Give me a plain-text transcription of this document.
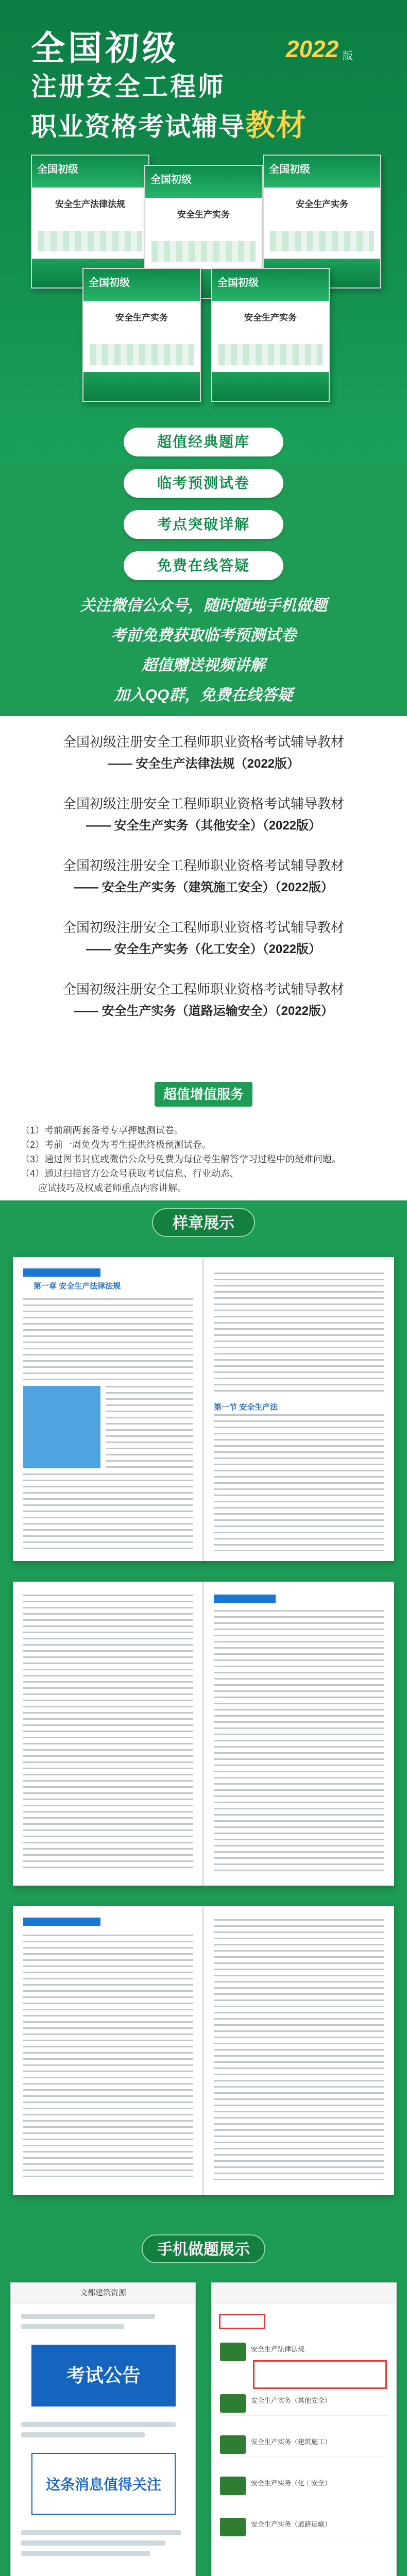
全国初级	2022 版
注册安全工程师
职业资格考试辅导教材
全国初级
安全生产法律法规
全国初级
安全生产实务
全国初级
安全生产实务
全国初级
安全生产实务
全国初级
安全生产实务
超值经典题库
临考预测试卷
考点突破详解
免费在线答疑
关注微信公众号，随时随地手机做题
考前免费获取临考预测试卷
超值赠送视频讲解
加入QQ群，免费在线答疑
全国初级注册安全工程师职业资格考试辅导教材
—— 安全生产法律法规（2022版）
全国初级注册安全工程师职业资格考试辅导教材
—— 安全生产实务（其他安全）（2022版）
全国初级注册安全工程师职业资格考试辅导教材
—— 安全生产实务（建筑施工安全）（2022版）
全国初级注册安全工程师职业资格考试辅导教材
—— 安全生产实务（化工安全）（2022版）
全国初级注册安全工程师职业资格考试辅导教材
—— 安全生产实务（道路运输安全）（2022版）
超值增值服务
（1）考前刷两套备考专享押题测试卷。
（2）考前一周免费为考生提供终极预测试卷。
（3）通过图书封底或微信公众号免费为每位考生解答学习过程中的疑难问题。
（4）通过扫描官方公众号获取考试信息、行业动态、
应试技巧及权威老师重点内容讲解。
样章展示
第一章 安全生产法律法规
第一节 安全生产法
手机做题展示
文都建筑资源
考试公告
这条消息值得关注
安全生产法律法规
安全生产实务（其他安全）
安全生产实务（建筑施工）
安全生产实务（化工安全）
安全生产实务（道路运输）
